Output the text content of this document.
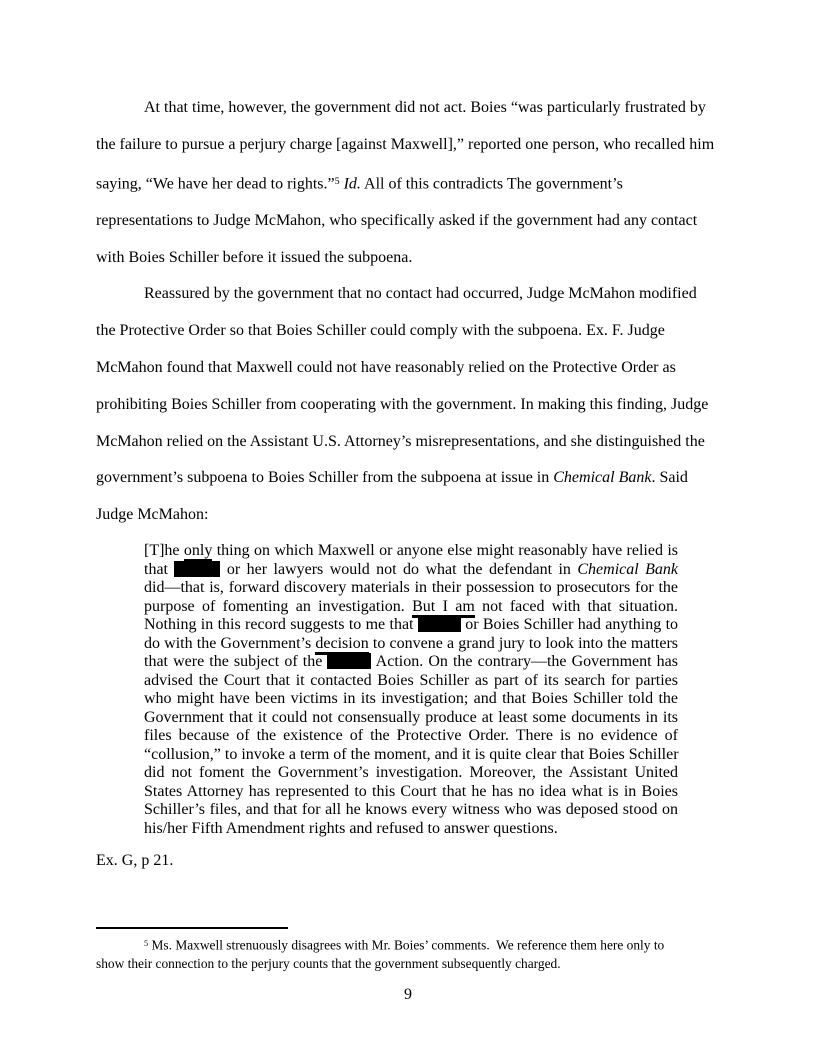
At that time, however, the government did not act. Boies “was particularly frustrated by
the failure to pursue a perjury charge [against Maxwell],” reported one person, who recalled him
saying, “We have her dead to rights.”$^5$ Id. All of this contradicts The government’s
representations to Judge McMahon, who specifically asked if the government had any contact
with Boies Schiller before it issued the subpoena.
Reassured by the government that no contact had occurred, Judge McMahon modified
the Protective Order so that Boies Schiller could comply with the subpoena. Ex. F. Judge
McMahon found that Maxwell could not have reasonably relied on the Protective Order as
prohibiting Boies Schiller from cooperating with the government. In making this finding, Judge
McMahon relied on the Assistant U.S. Attorney’s misrepresentations, and she distinguished the
government’s subpoena to Boies Schiller from the subpoena at issue in Chemical Bank. Said
Judge McMahon:
[T]he only thing on which Maxwell or anyone else might reasonably have relied is
that	or her lawyers would not do what the defendant in Chemical Bank
did—that is, forward discovery materials in their possession to prosecutors for the
purpose of fomenting an investigation. But I am not faced with that situation.
Nothing in this record suggests to me that	or Boies Schiller had anything to
do with the Government’s decision to convene a grand jury to look into the matters
that were the subject of the	Action. On the contrary—the Government has
advised the Court that it contacted Boies Schiller as part of its search for parties
who might have been victims in its investigation; and that Boies Schiller told the
Government that it could not consensually produce at least some documents in its
files because of the existence of the Protective Order. There is no evidence of
“collusion,” to invoke a term of the moment, and it is quite clear that Boies Schiller
did not foment the Government’s investigation. Moreover, the Assistant United
States Attorney has represented to this Court that he has no idea what is in Boies
Schiller’s files, and that for all he knows every witness who was deposed stood on
his/her Fifth Amendment rights and refused to answer questions.
Ex. G, p 21.
$^5$ Ms. Maxwell strenuously disagrees with Mr. Boies’ comments.  We reference them here only to
show their connection to the perjury counts that the government subsequently charged.
9
